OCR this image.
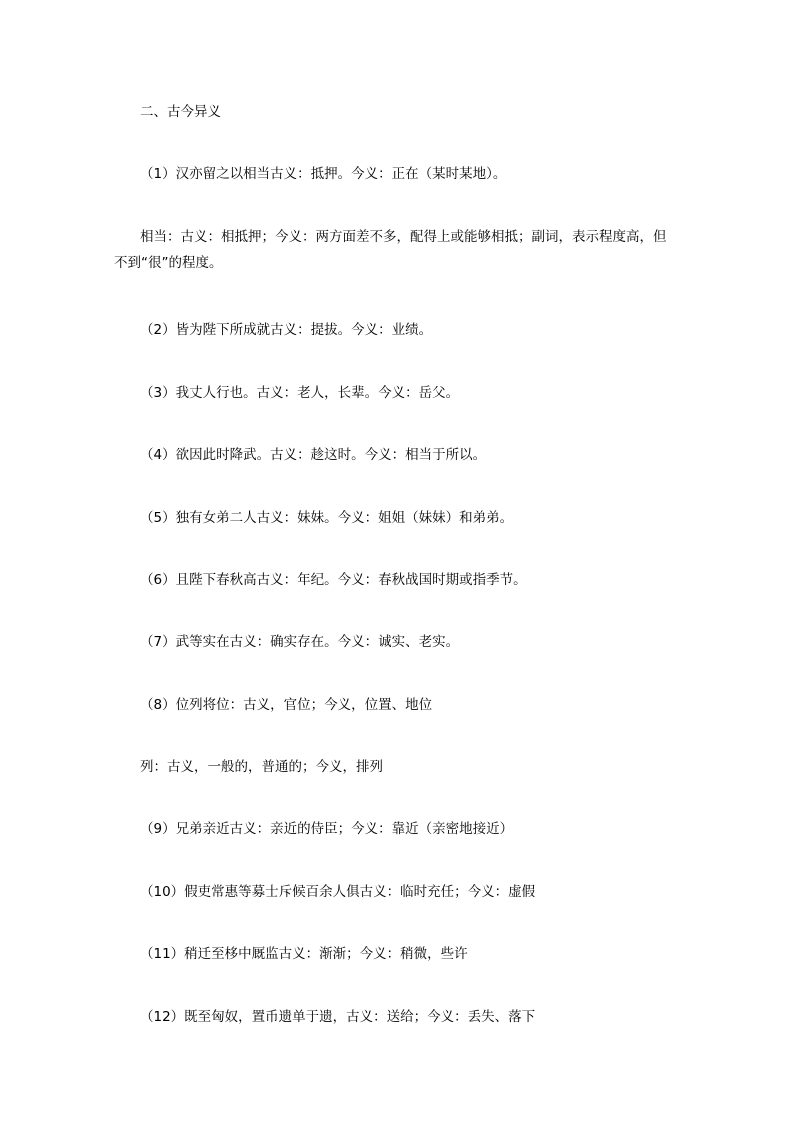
二、古今异义
（1）汉亦留之以相当古义：抵押。今义：正在（某时某地）。
相当：古义：相抵押；今义：两方面差不多，配得上或能够相抵；副词，表示程度高，但不到“很”的程度。
（2）皆为陛下所成就古义：提拔。今义：业绩。
（3）我丈人行也。古义：老人，长辈。今义：岳父。
（4）欲因此时降武。古义：趁这时。今义：相当于所以。
（5）独有女弟二人古义：妹妹。今义：姐姐（妹妹）和弟弟。
（6）且陛下春秋高古义：年纪。今义：春秋战国时期或指季节。
（7）武等实在古义：确实存在。今义：诚实、老实。
（8）位列将位：古义，官位；今义，位置、地位
列：古义，一般的，普通的；今义，排列
（9）兄弟亲近古义：亲近的侍臣；今义：靠近（亲密地接近）
（10）假吏常惠等募士斥候百余人俱古义：临时充任；今义：虚假
（11）稍迁至栘中厩监古义：渐渐；今义：稍微，些许
（12）既至匈奴，置币遗单于遗，古义：送给；今义：丢失、落下
